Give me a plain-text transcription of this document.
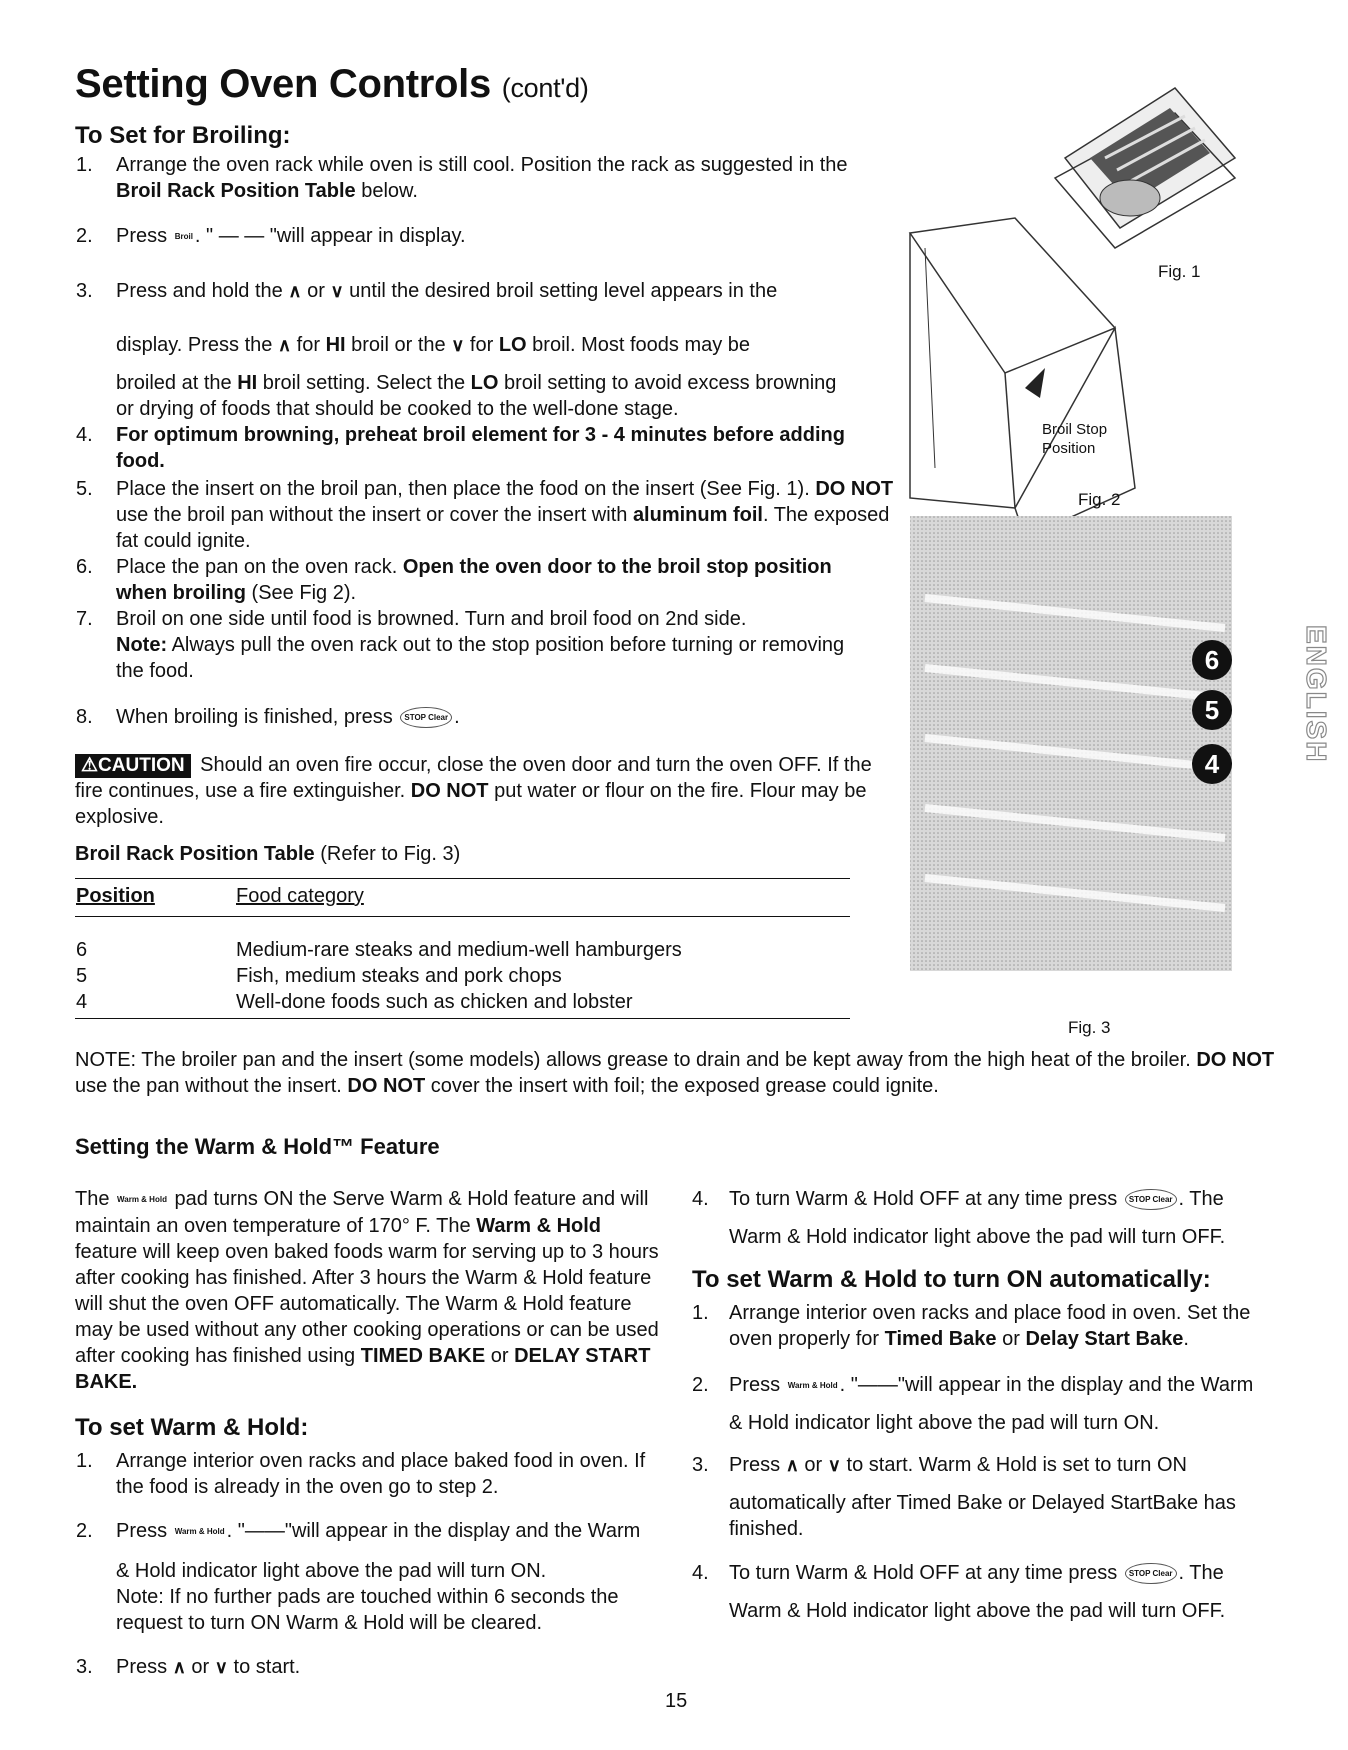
Setting Oven Controls (cont'd)
To Set for Broiling:
1. Arrange the oven rack while oven is still cool. Position the rack as suggested in the Broil Rack Position Table below.
2. Press Broil . " — — "will appear in display.
3. Press and hold the ∧ or ∨ until the desired broil setting level appears in the
display. Press the ∧ for HI broil or the ∨ for LO broil. Most foods may be
broiled at the HI broil setting. Select the LO broil setting to avoid excess browning or drying of foods that should be cooked to the well-done stage.
4. For optimum browning, preheat broil element for 3 - 4 minutes before adding food.
5. Place the insert on the broil pan, then place the food on the insert (See Fig. 1). DO NOT use the broil pan without the insert or cover the insert with aluminum foil. The exposed fat could ignite.
6. Place the pan on the oven rack. Open the oven door to the broil stop position when broiling (See Fig 2).
7. Broil on one side until food is browned. Turn and broil food on 2nd side.
Note: Always pull the oven rack out to the stop position before turning or removing the food.
8. When broiling is finished, press STOP Clear .
⚠CAUTION Should an oven fire occur, close the oven door and turn the oven OFF. If the fire continues, use a fire extinguisher. DO NOT put water or flour on the fire. Flour may be explosive.
Broil Rack Position Table (Refer to Fig. 3)
Position	Food category
6	Medium-rare steaks and medium-well hamburgers
5	Fish, medium steaks and pork chops
4	Well-done foods such as chicken and lobster
NOTE: The broiler pan and the insert (some models) allows grease to drain and be kept away from the high heat of the broiler. DO NOT use the pan without the insert. DO NOT cover the insert with foil; the exposed grease could ignite.
Fig. 1
Broil Stop
Position
Fig. 2
Fig. 3
6
5
4
ENGLISH
Setting the Warm & Hold™ Feature
The Warm & Hold pad turns ON the Serve Warm & Hold feature and will maintain an oven temperature of 170° F. The Warm & Hold feature will keep oven baked foods warm for serving up to 3 hours after cooking has finished. After 3 hours the Warm & Hold feature will shut the oven OFF automatically. The Warm & Hold feature may be used without any other cooking operations or can be used after cooking has finished using TIMED BAKE or DELAY START BAKE.
To set Warm & Hold:
1. Arrange interior oven racks and place baked food in oven. If the food is already in the oven go to step 2.
2. Press Warm & Hold . "——"will appear in the display and the Warm
& Hold indicator light above the pad will turn ON.
Note: If no further pads are touched within 6 seconds the request to turn ON Warm & Hold will be cleared.
3. Press ∧ or ∨ to start.
4. To turn Warm & Hold OFF at any time press STOP Clear . The
Warm & Hold indicator light above the pad will turn OFF.
To set Warm & Hold to turn ON automatically:
1. Arrange interior oven racks and place food in oven. Set the oven properly for Timed Bake or Delay Start Bake.
2. Press Warm & Hold . "——"will appear in the display and the Warm
& Hold indicator light above the pad will turn ON.
3. Press ∧ or ∨ to start. Warm & Hold is set to turn ON
automatically after Timed Bake or Delayed StartBake has finished.
4. To turn Warm & Hold OFF at any time press STOP Clear . The
Warm & Hold indicator light above the pad will turn OFF.
15
